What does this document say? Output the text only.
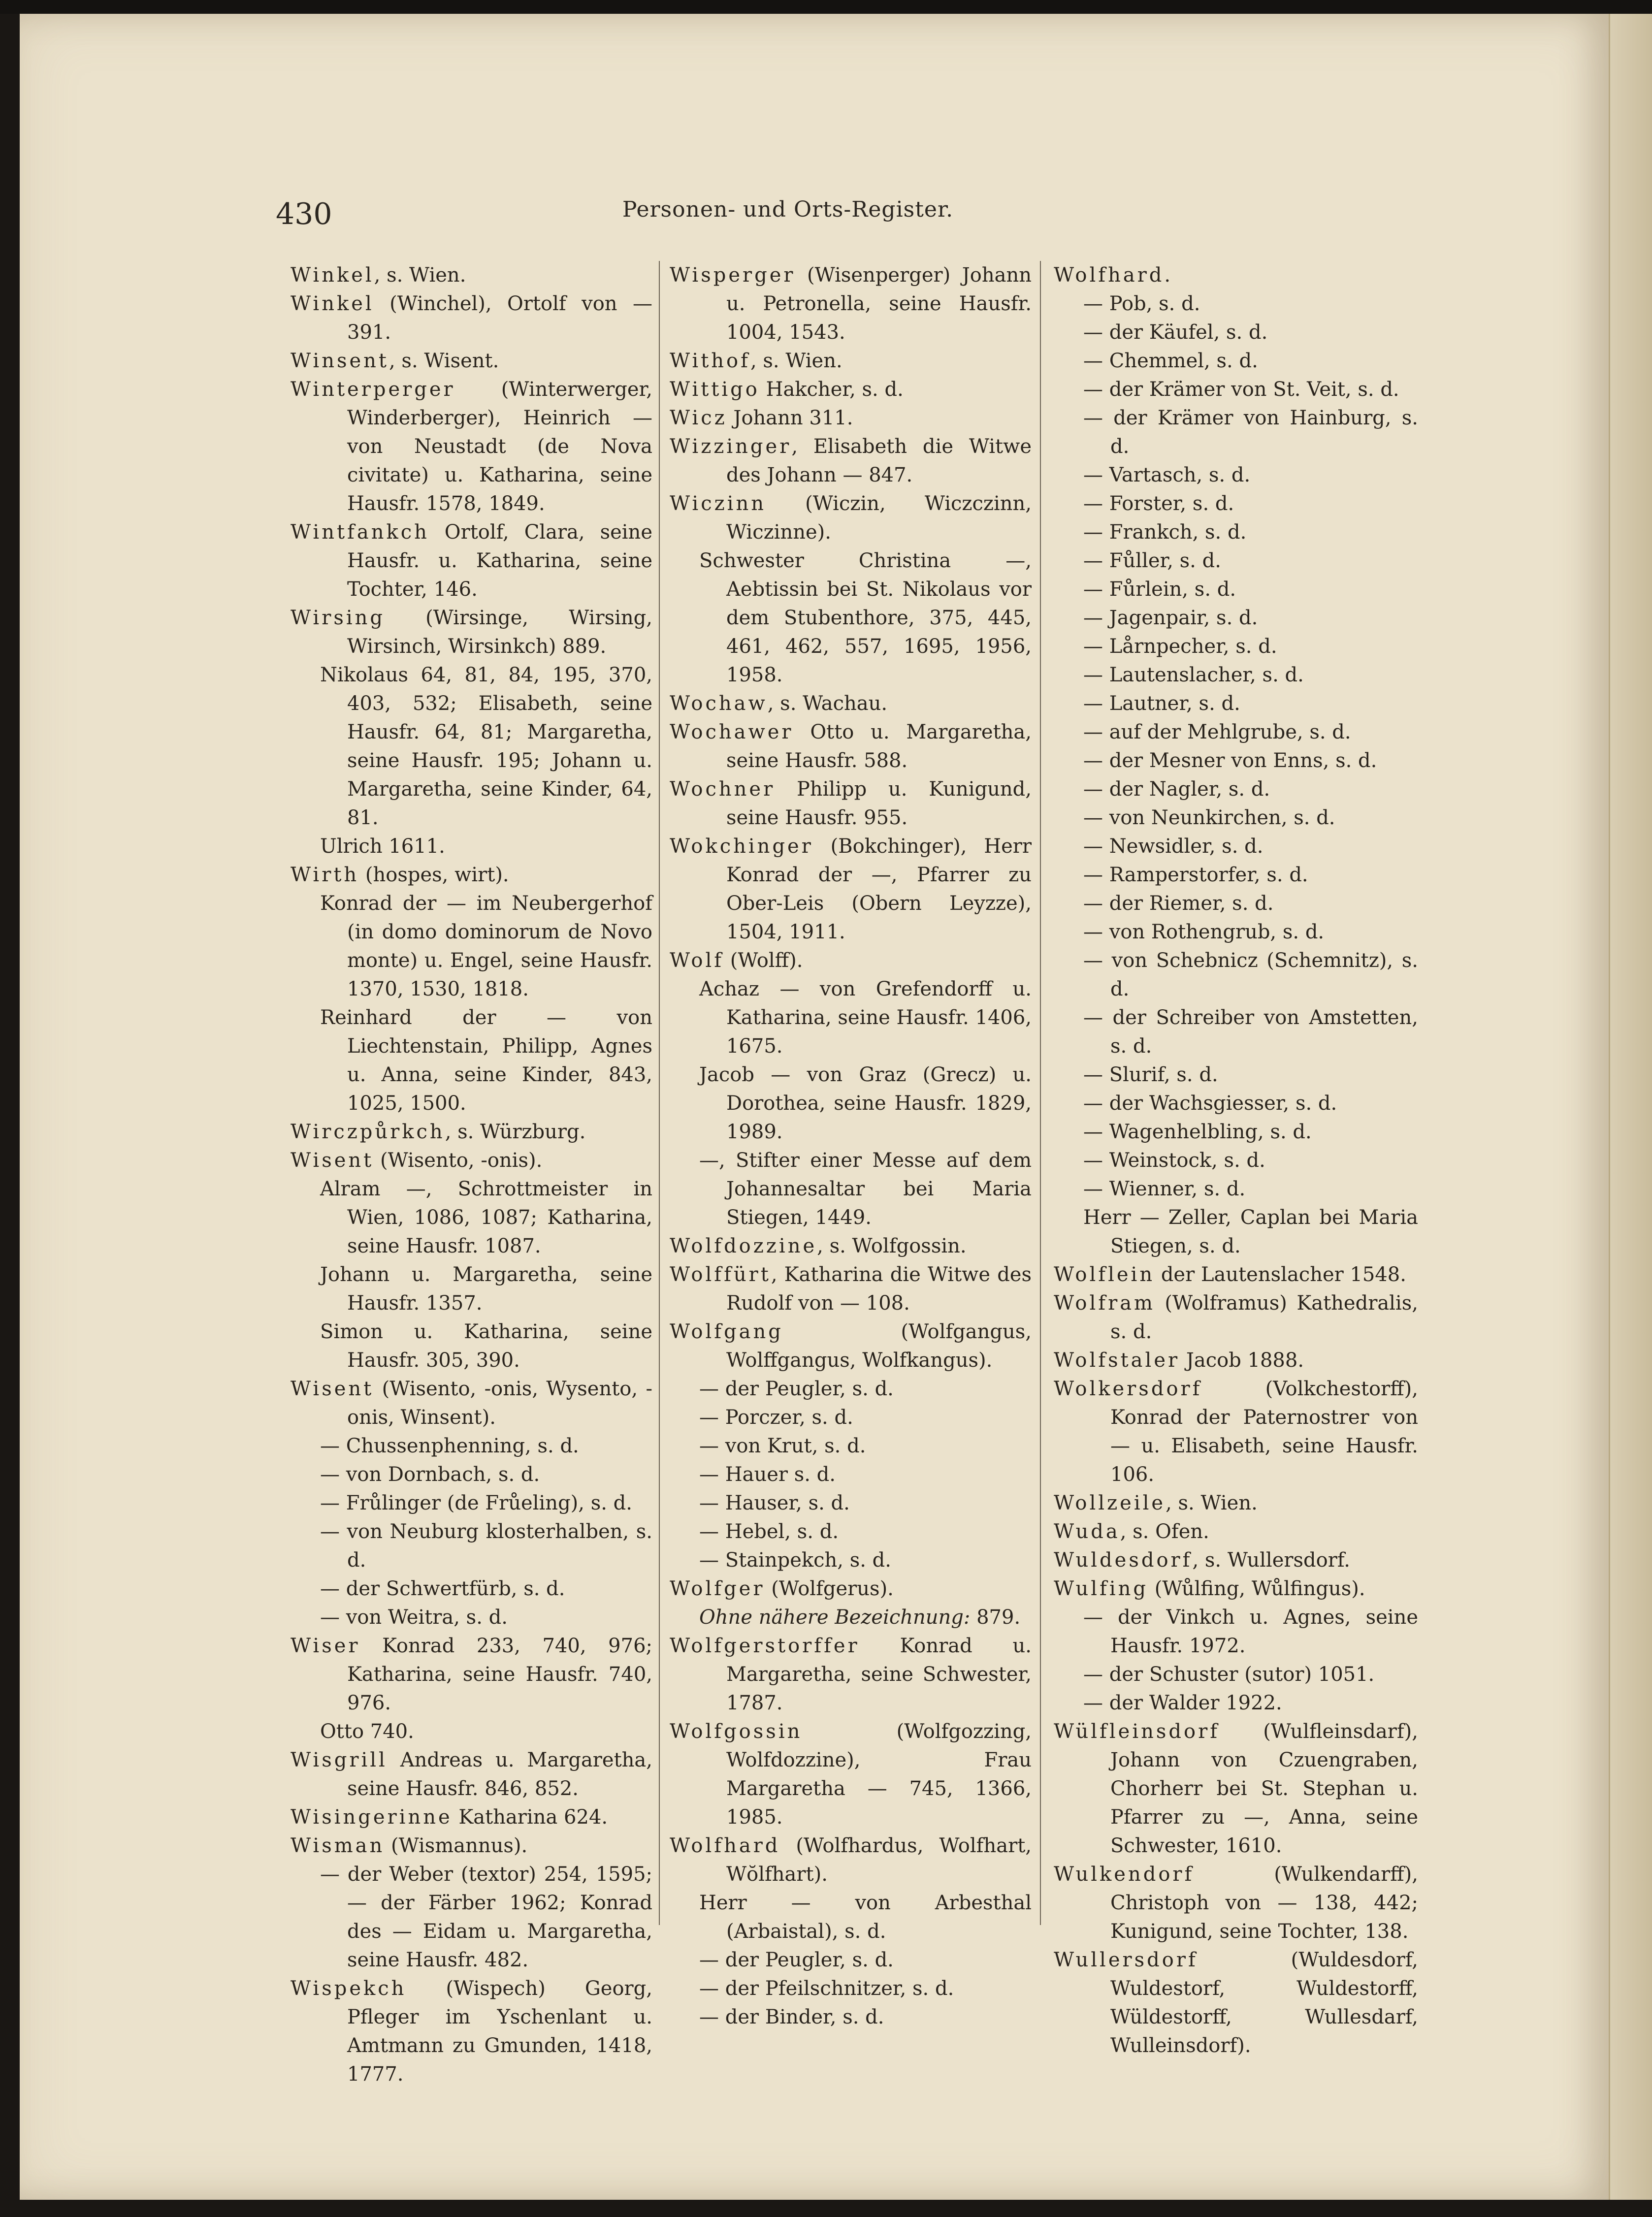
430	Personen- und Orts-Register.
Winkel, s. Wien.
Winkel (Winchel), Ortolf von — 391.
Winsent, s. Wisent.
Winterperger (Winterwerger, Winderberger), Heinrich — von Neustadt (de Nova civitate) u. Katharina, seine Hausfr. 1578, 1849.
Wintfankch Ortolf, Clara, seine Hausfr. u. Katharina, seine Tochter, 146.
Wirsing (Wirsinge, Wirsing, Wirsinch, Wirsinkch) 889.
Nikolaus 64, 81, 84, 195, 370, 403, 532; Elisabeth, seine Hausfr. 64, 81; Margaretha, seine Hausfr. 195; Johann u. Margaretha, seine Kinder, 64, 81.
Ulrich 1611.
Wirth (hospes, wirt).
Konrad der — im Neubergerhof (in domo dominorum de Novo monte) u. Engel, seine Hausfr. 1370, 1530, 1818.
Reinhard der — von Liechtenstain, Philipp, Agnes u. Anna, seine Kinder, 843, 1025, 1500.
Wirczpůrkch, s. Würzburg.
Wisent (Wisento, -onis).
Alram —, Schrottmeister in Wien, 1086, 1087; Katharina, seine Hausfr. 1087.
Johann u. Margaretha, seine Hausfr. 1357.
Simon u. Katharina, seine Hausfr. 305, 390.
Wisent (Wisento, -onis, Wysento, -onis, Winsent).
— Chussenphenning, s. d.
— von Dornbach, s. d.
— Frůlinger (de Frůeling), s. d.
— von Neuburg klosterhalben, s. d.
— der Schwertfürb, s. d.
— von Weitra, s. d.
Wiser Konrad 233, 740, 976; Katharina, seine Hausfr. 740, 976.
Otto 740.
Wisgrill Andreas u. Margaretha, seine Hausfr. 846, 852.
Wisingerinne Katharina 624.
Wisman (Wismannus).
— der Weber (textor) 254, 1595; — der Färber 1962; Konrad des — Eidam u. Margaretha, seine Hausfr. 482.
Wispekch (Wispech) Georg, Pfleger im Yschenlant u. Amtmann zu Gmunden, 1418, 1777.
Wisperger (Wisenperger) Johann u. Petronella, seine Hausfr. 1004, 1543.
Withof, s. Wien.
Wittigo Hakcher, s. d.
Wicz Johann 311.
Wizzinger, Elisabeth die Witwe des Johann — 847.
Wiczinn (Wiczin, Wiczczinn, Wiczinne).
Schwester Christina —, Aebtissin bei St. Nikolaus vor dem Stubenthore, 375, 445, 461, 462, 557, 1695, 1956, 1958.
Wochaw, s. Wachau.
Wochawer Otto u. Margaretha, seine Hausfr. 588.
Wochner Philipp u. Kunigund, seine Hausfr. 955.
Wokchinger (Bokchinger), Herr Konrad der —, Pfarrer zu Ober-Leis (Obern Leyzze), 1504, 1911.
Wolf (Wolff).
Achaz — von Grefendorff u. Katharina, seine Hausfr. 1406, 1675.
Jacob — von Graz (Grecz) u. Dorothea, seine Hausfr. 1829, 1989.
—, Stifter einer Messe auf dem Johannesaltar bei Maria Stiegen, 1449.
Wolfdozzine, s. Wolfgossin.
Wolffürt, Katharina die Witwe des Rudolf von — 108.
Wolfgang (Wolfgangus, Wolffgangus, Wolfkangus).
— der Peugler, s. d.
— Porczer, s. d.
— von Krut, s. d.
— Hauer s. d.
— Hauser, s. d.
— Hebel, s. d.
— Stainpekch, s. d.
Wolfger (Wolfgerus).
Ohne nähere Bezeichnung: 879.
Wolfgerstorffer Konrad u. Margaretha, seine Schwester, 1787.
Wolfgossin (Wolfgozzing, Wolfdozzine), Frau Margaretha — 745, 1366, 1985.
Wolfhard (Wolfhardus, Wolfhart, Wŏlfhart).
Herr — von Arbesthal (Arbaistal), s. d.
— der Peugler, s. d.
— der Pfeilschnitzer, s. d.
— der Binder, s. d.
Wolfhard.
— Pob, s. d.
— der Käufel, s. d.
— Chemmel, s. d.
— der Krämer von St. Veit, s. d.
— der Krämer von Hainburg, s. d.
— Vartasch, s. d.
— Forster, s. d.
— Frankch, s. d.
— Fůller, s. d.
— Fůrlein, s. d.
— Jagenpair, s. d.
— Lårnpecher, s. d.
— Lautenslacher, s. d.
— Lautner, s. d.
— auf der Mehlgrube, s. d.
— der Mesner von Enns, s. d.
— der Nagler, s. d.
— von Neunkirchen, s. d.
— Newsidler, s. d.
— Ramperstorfer, s. d.
— der Riemer, s. d.
— von Rothengrub, s. d.
— von Schebnicz (Schemnitz), s. d.
— der Schreiber von Amstetten, s. d.
— Slurif, s. d.
— der Wachsgiesser, s. d.
— Wagenhelbling, s. d.
— Weinstock, s. d.
— Wienner, s. d.
Herr — Zeller, Caplan bei Maria Stiegen, s. d.
Wolflein der Lautenslacher 1548.
Wolfram (Wolframus) Kathedralis, s. d.
Wolfstaler Jacob 1888.
Wolkersdorf (Volkchestorff), Konrad der Paternostrer von — u. Elisabeth, seine Hausfr. 106.
Wollzeile, s. Wien.
Wuda, s. Ofen.
Wuldesdorf, s. Wullersdorf.
Wulfing (Wůlfing, Wůlfingus).
— der Vinkch u. Agnes, seine Hausfr. 1972.
— der Schuster (sutor) 1051.
— der Walder 1922.
Wülfleinsdorf (Wulfleinsdarf), Johann von Czuengraben, Chorherr bei St. Stephan u. Pfarrer zu —, Anna, seine Schwester, 1610.
Wulkendorf (Wulkendarff), Christoph von — 138, 442; Kunigund, seine Tochter, 138.
Wullersdorf (Wuldesdorf, Wuldestorf, Wuldestorff, Wüldestorff, Wullesdarf, Wulleinsdorf).
